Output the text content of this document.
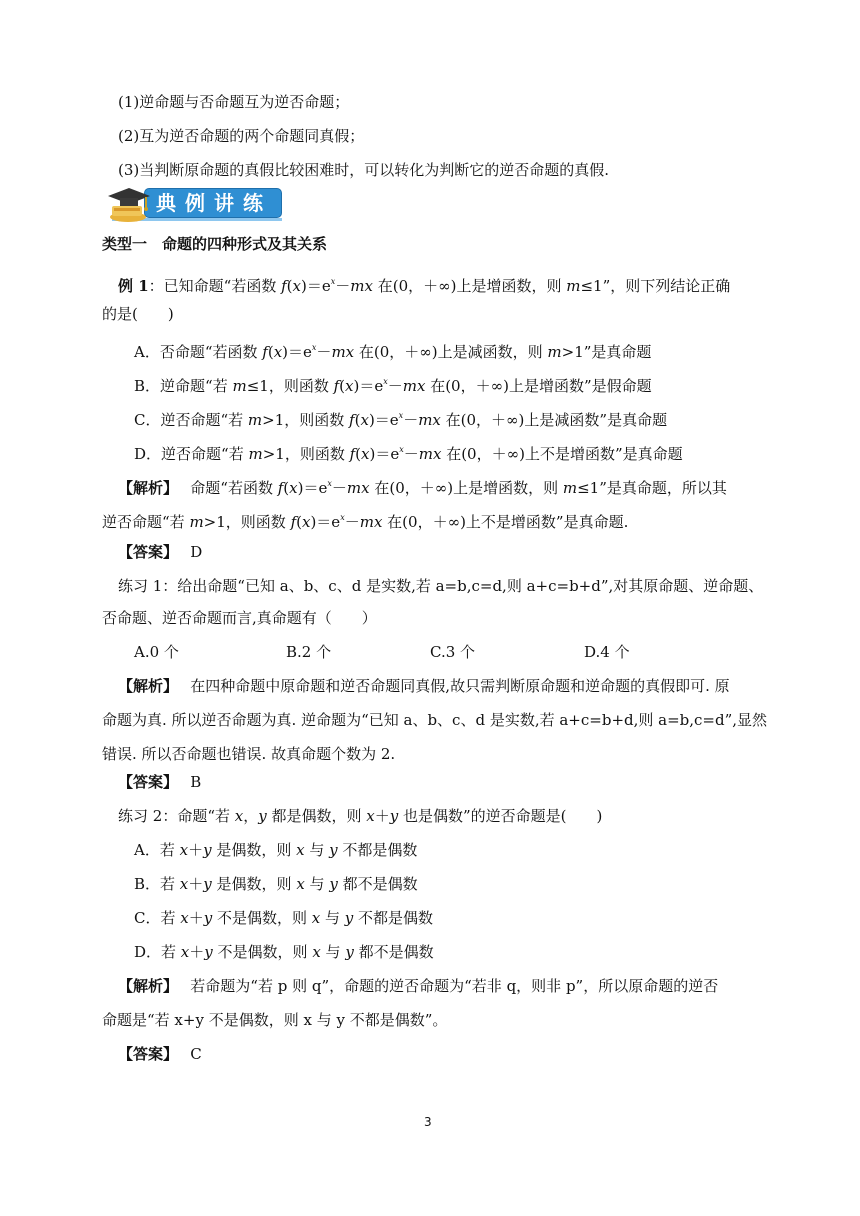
(1)逆命题与否命题互为逆否命题；
(2)互为逆否命题的两个命题同真假；
(3)当判断原命题的真假比较困难时，可以转化为判断它的逆否命题的真假.
典例讲练
类型一　命题的四种形式及其关系
例 1：已知命题“若函数 $f(x)=e^x-mx$ 在(0，＋∞)上是增函数，则 m≤1”，则下列结论正确
的是(　　)
A．否命题“若函数 $f(x)=e^x-mx$ 在(0，＋∞)上是减函数，则 m>1”是真命题
B．逆命题“若 m≤1，则函数 $f(x)=e^x-mx$ 在(0，＋∞)上是增函数”是假命题
C．逆否命题“若 m>1，则函数 $f(x)=e^x-mx$ 在(0，＋∞)上是减函数”是真命题
D．逆否命题“若 m>1，则函数 $f(x)=e^x-mx$ 在(0，＋∞)上不是增函数”是真命题
【解析】　 命题“若函数 $f(x)=e^x-mx$ 在(0，＋∞)上是增函数，则 m≤1”是真命题，所以其
逆否命题“若 m>1，则函数 $f(x)=e^x-mx$ 在(0，＋∞)上不是增函数”是真命题.
【答案】　 D
练习 1：给出命题“已知 a、b、c、d 是实数,若 a=b,c=d,则 a+c=b+d”,对其原命题、逆命题、
否命题、逆否命题而言,真命题有（　　）
A.0 个	B.2 个	C.3 个	D.4 个
【解析】　 在四种命题中原命题和逆否命题同真假,故只需判断原命题和逆命题的真假即可. 原
命题为真. 所以逆否命题为真. 逆命题为“已知 a、b、c、d 是实数,若 a+c=b+d,则 a=b,c=d”,显然
错误. 所以否命题也错误. 故真命题个数为 2.
【答案】　 B
练习 2：命题“若 x，y 都是偶数，则 x＋y 也是偶数”的逆否命题是(　　)
A．若 x＋y 是偶数，则 x 与 y 不都是偶数
B．若 x＋y 是偶数，则 x 与 y 都不是偶数
C．若 x＋y 不是偶数，则 x 与 y 不都是偶数
D．若 x＋y 不是偶数，则 x 与 y 都不是偶数
【解析】　 若命题为“若 p 则 q”，命题的逆否命题为“若非 q，则非 p”，所以原命题的逆否
命题是“若 x+y 不是偶数，则 x 与 y 不都是偶数”。
【答案】　 C
3
